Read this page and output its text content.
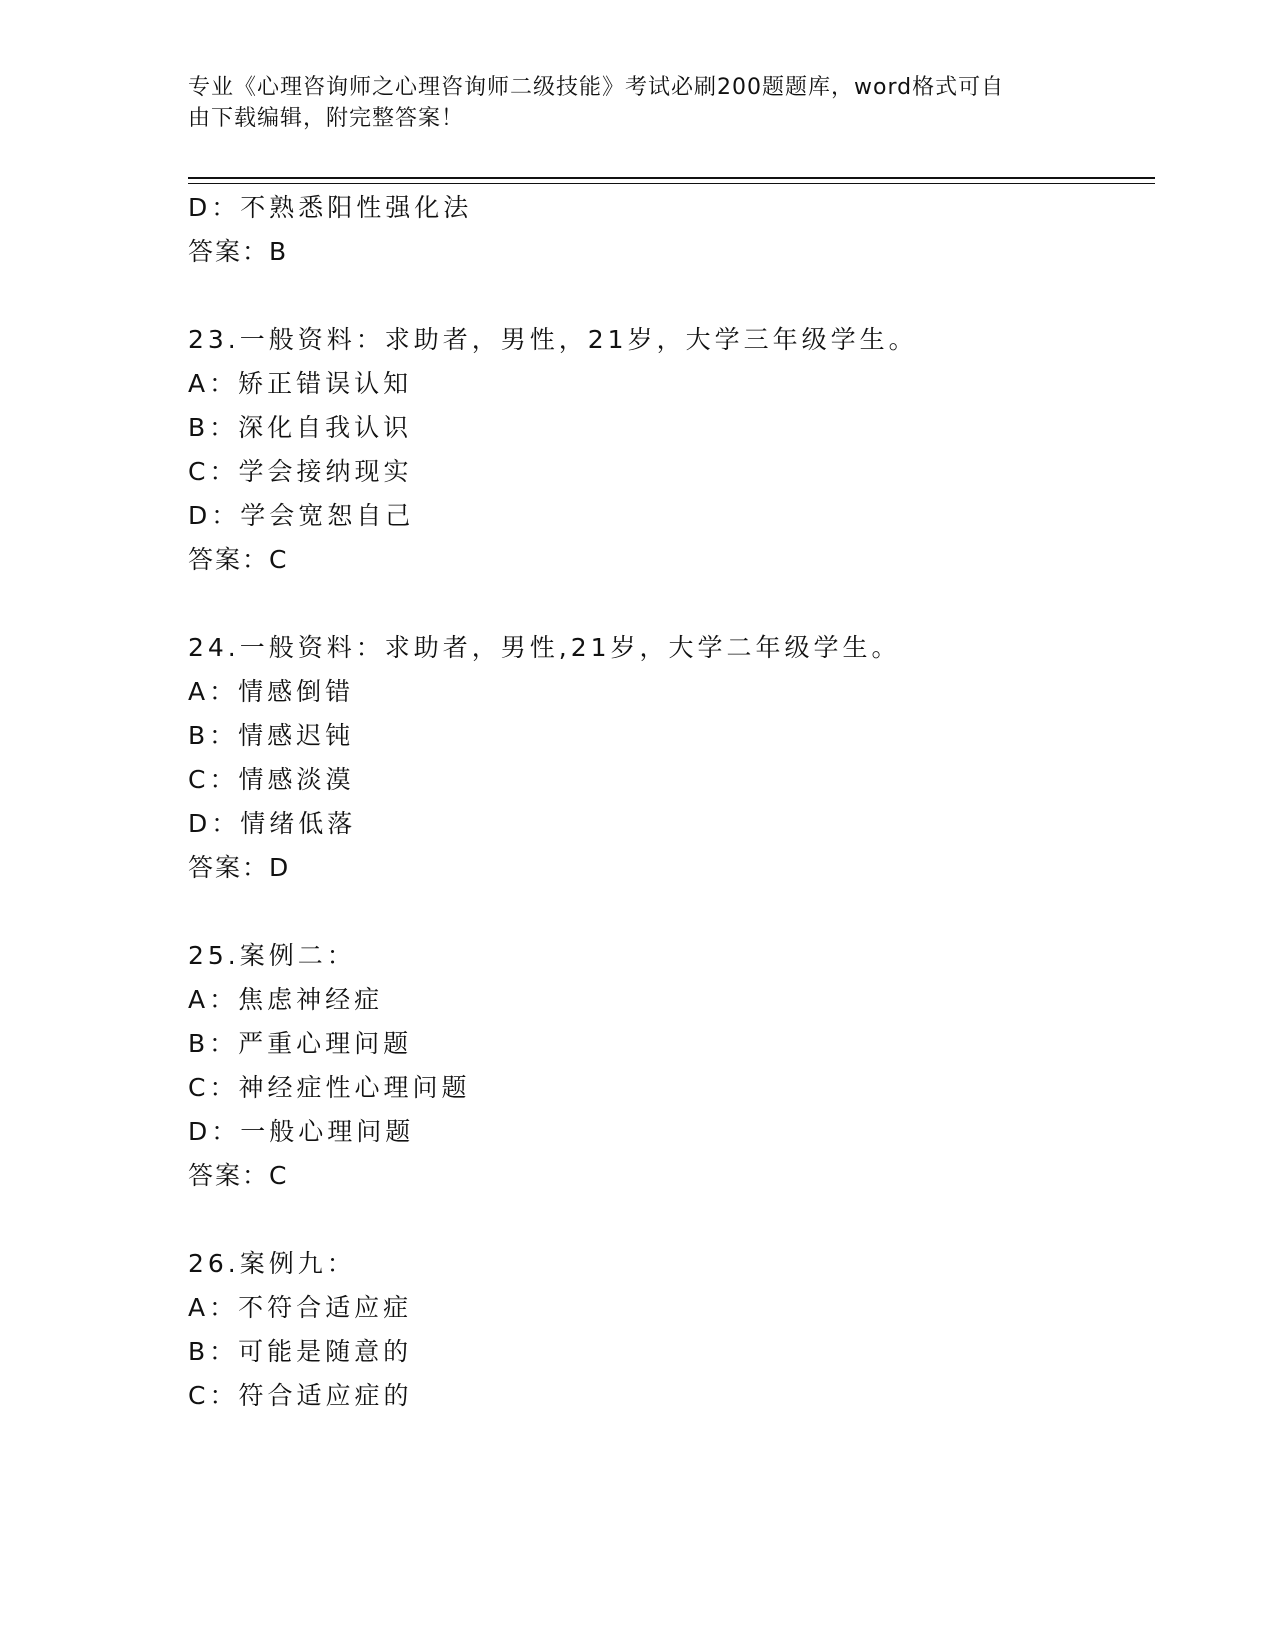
专业《心理咨询师之心理咨询师二级技能》考试必刷200题题库，word格式可自
由下载编辑，附完整答案！
D：不熟悉阳性强化法
答案：B
23.一般资料：求助者，男性，21岁，大学三年级学生。
A：矫正错误认知
B：深化自我认识
C：学会接纳现实
D：学会宽恕自己
答案：C
24.一般资料：求助者，男性,21岁，大学二年级学生。
A：情感倒错
B：情感迟钝
C：情感淡漠
D：情绪低落
答案：D
25.案例二：
A：焦虑神经症
B：严重心理问题
C：神经症性心理问题
D：一般心理问题
答案：C
26.案例九：
A：不符合适应症
B：可能是随意的
C：符合适应症的
